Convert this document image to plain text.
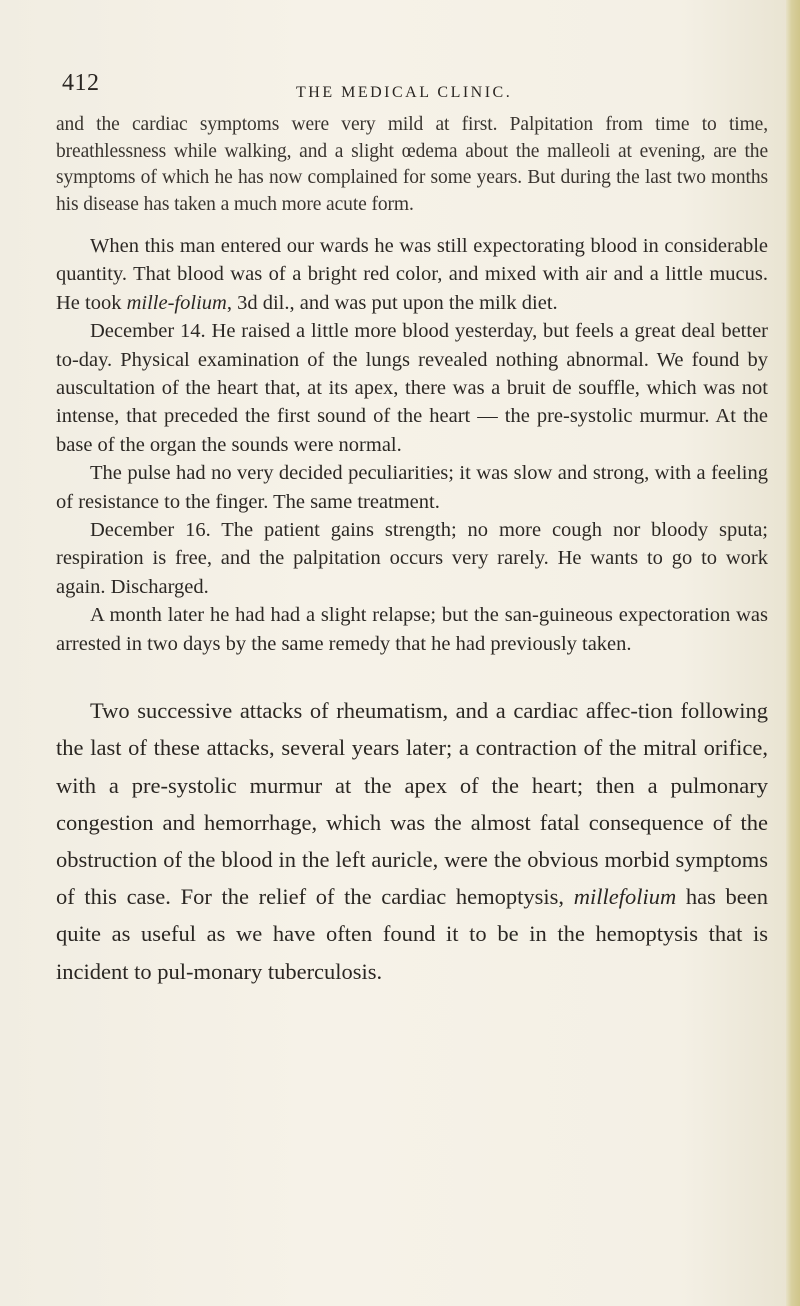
412	THE MEDICAL CLINIC.

and the cardiac symptoms were very mild at first. Palpitation from time to time, breathlessness while walking, and a slight œdema about the malleoli at evening, are the symptoms of which he has now complained for some years. But during the last two months his disease has taken a much more acute form.

When this man entered our wards he was still expectorating blood in considerable quantity. That blood was of a bright red color, and mixed with air and a little mucus. He took mille-folium, 3d dil., and was put upon the milk diet.

December 14. He raised a little more blood yesterday, but feels a great deal better to-day. Physical examination of the lungs revealed nothing abnormal. We found by auscultation of the heart that, at its apex, there was a bruit de souffle, which was not intense, that preceded the first sound of the heart — the pre-systolic murmur. At the base of the organ the sounds were normal.

The pulse had no very decided peculiarities; it was slow and strong, with a feeling of resistance to the finger. The same treatment.

December 16. The patient gains strength; no more cough nor bloody sputa; respiration is free, and the palpitation occurs very rarely. He wants to go to work again. Discharged.

A month later he had had a slight relapse; but the san-guineous expectoration was arrested in two days by the same remedy that he had previously taken.

Two successive attacks of rheumatism, and a cardiac affec-tion following the last of these attacks, several years later; a contraction of the mitral orifice, with a pre-systolic murmur at the apex of the heart; then a pulmonary congestion and hemorrhage, which was the almost fatal consequence of the obstruction of the blood in the left auricle, were the obvious morbid symptoms of this case. For the relief of the cardiac hemoptysis, millefolium has been quite as useful as we have often found it to be in the hemoptysis that is incident to pul-monary tuberculosis.
